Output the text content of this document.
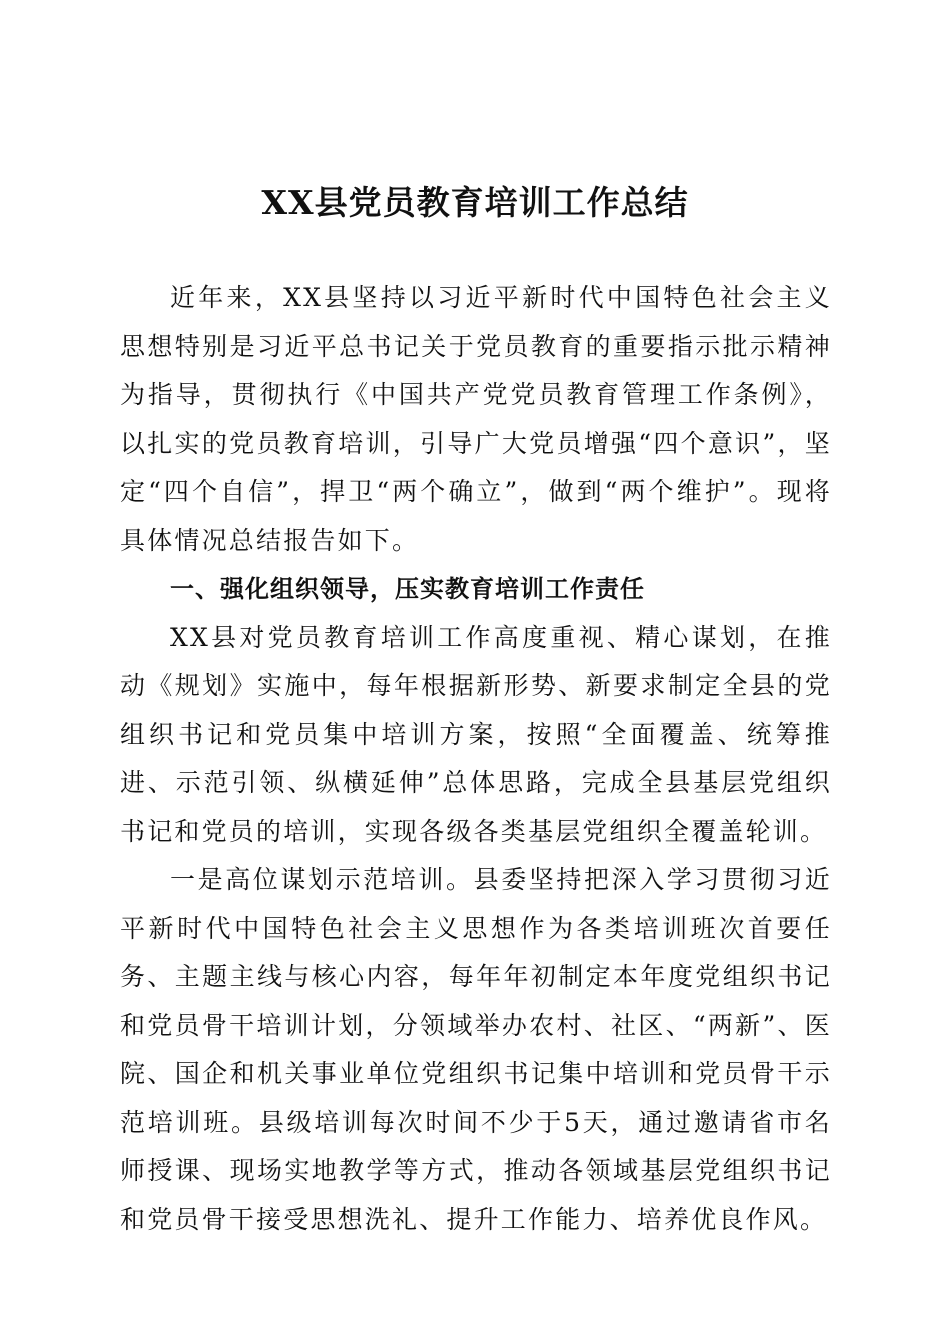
XX县党员教育培训工作总结

近年来，XX县坚持以习近平新时代中国特色社会主义思想特别是习近平总书记关于党员教育的重要指示批示精神为指导，贯彻执行《中国共产党党员教育管理工作条例》，以扎实的党员教育培训，引导广大党员增强“四个意识”，坚定“四个自信”，捍卫“两个确立”，做到“两个维护”。现将具体情况总结报告如下。

一、强化组织领导，压实教育培训工作责任

XX县对党员教育培训工作高度重视、精心谋划，在推动《规划》实施中，每年根据新形势、新要求制定全县的党组织书记和党员集中培训方案，按照“全面覆盖、统筹推进、示范引领、纵横延伸”总体思路，完成全县基层党组织书记和党员的培训，实现各级各类基层党组织全覆盖轮训。

一是高位谋划示范培训。县委坚持把深入学习贯彻习近平新时代中国特色社会主义思想作为各类培训班次首要任务、主题主线与核心内容，每年年初制定本年度党组织书记和党员骨干培训计划，分领域举办农村、社区、“两新”、医院、国企和机关事业单位党组织书记集中培训和党员骨干示范培训班。县级培训每次时间不少于5天，通过邀请省市名师授课、现场实地教学等方式，推动各领域基层党组织书记和党员骨干接受思想洗礼、提升工作能力、培养优良作风。
